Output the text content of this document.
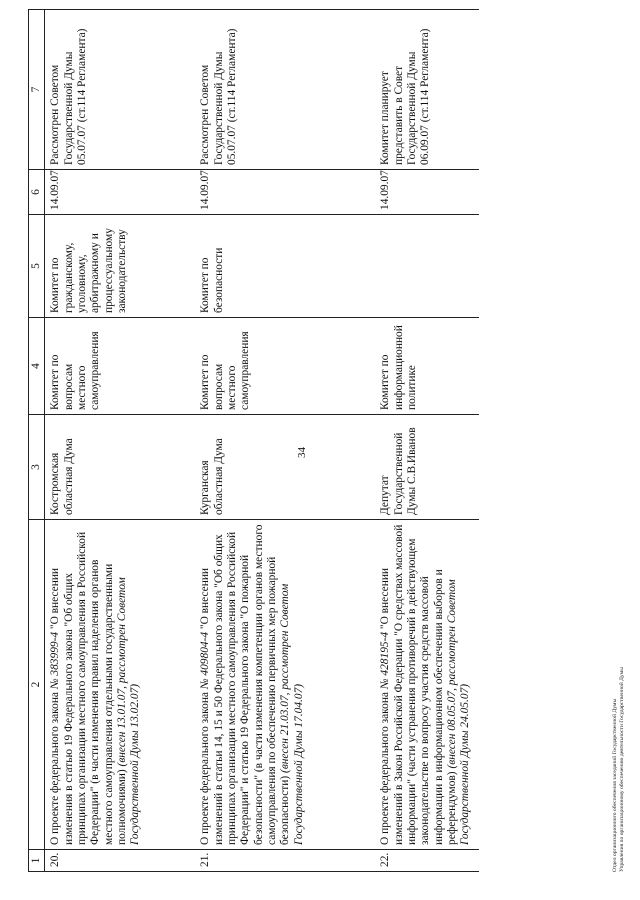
34
1	2	3	4	5	6	7
20.	О проекте федерального закона № 383999-4 "О внесении изменения в статью 19 Федерального закона "Об общих принципах организации местного самоуправления в Российской Федерации" (в части изменения правил наделения органов местного самоуправления отдельными государственными полномочиями) (внесен 13.01.07, рассмотрен Советом Государственной Думы 13.02.07)	Костромская областная Дума	Комитет по вопросам местного самоуправления	Комитет по гражданскому, уголовному, арбитражному и процессуальному законодательству	14.09.07	Рассмотрен Советом Государственной Думы 05.07.07 (ст.114 Регламента)
21.	О проекте федерального закона № 409804-4 "О внесении изменений в статьи 14, 15 и 50 Федерального закона "Об общих принципах организации местного самоуправления в Российской Федерации" и статью 19 Федерального закона "О пожарной безопасности" (в части изменения компетенции органов местного самоуправления по обеспечению первичных мер пожарной безопасности) (внесен 21.03.07, рассмотрен Советом Государственной Думы 17.04.07)	Курганская областная Дума	Комитет по вопросам местного самоуправления	Комитет по безопасности	14.09.07	Рассмотрен Советом Государственной Думы 05.07.07 (ст.114 Регламента)
22.	О проекте федерального закона № 428195-4 "О внесении изменений в Закон Российской Федерации "О средствах массовой информации" (части устранения противоречий в действующем законодательстве по вопросу участия средств массовой информации в информационном обеспечении выборов и референдумов) (внесен 08.05.07, рассмотрен Советом Государственной Думы 24.05.07)	Депутат Государственной Думы С.В.Иванов	Комитет по информационной политике		14.09.07	Комитет планирует представить в Совет Государственной Думы 06.09.07 (ст.114 Регламента)
Отдел организационного обеспечения заседаний Государственной Думы Управления по организационному обеспечению деятельности Государственной Думы
